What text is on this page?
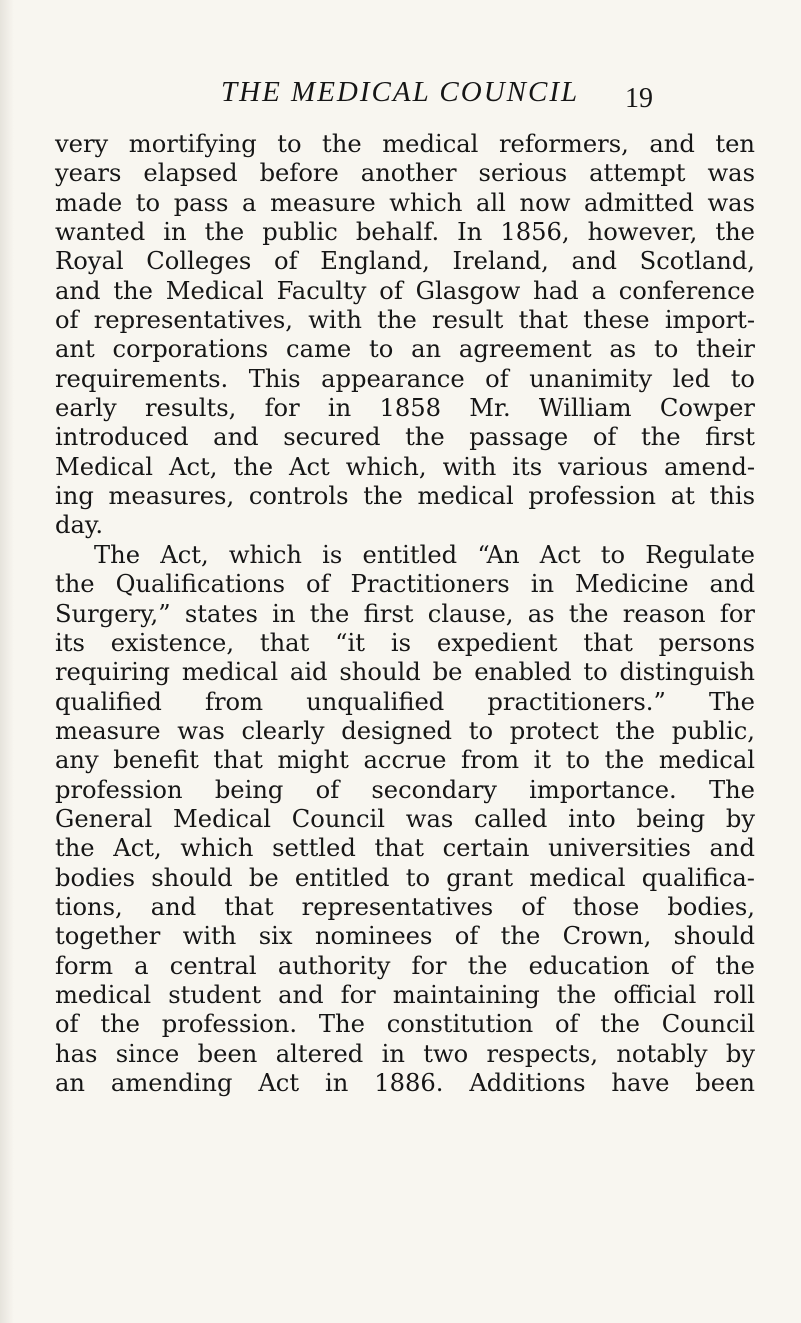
THE MEDICAL COUNCIL 19
very mortifying to the medical reformers, and ten
years elapsed before another serious attempt was
made to pass a measure which all now admitted was
wanted in the public behalf. In 1856, however, the
Royal Colleges of England, Ireland, and Scotland,
and the Medical Faculty of Glasgow had a conference
of representatives, with the result that these import-
ant corporations came to an agreement as to their
requirements. This appearance of unanimity led to
early results, for in 1858 Mr. William Cowper
introduced and secured the passage of the first
Medical Act, the Act which, with its various amend-
ing measures, controls the medical profession at this
day.
The Act, which is entitled “An Act to Regulate
the Qualifications of Practitioners in Medicine and
Surgery,” states in the first clause, as the reason for
its existence, that “it is expedient that persons
requiring medical aid should be enabled to distinguish
qualified from unqualified practitioners.” The
measure was clearly designed to protect the public,
any benefit that might accrue from it to the medical
profession being of secondary importance. The
General Medical Council was called into being by
the Act, which settled that certain universities and
bodies should be entitled to grant medical qualifica-
tions, and that representatives of those bodies,
together with six nominees of the Crown, should
form a central authority for the education of the
medical student and for maintaining the official roll
of the profession. The constitution of the Council
has since been altered in two respects, notably by
an amending Act in 1886. Additions have been
